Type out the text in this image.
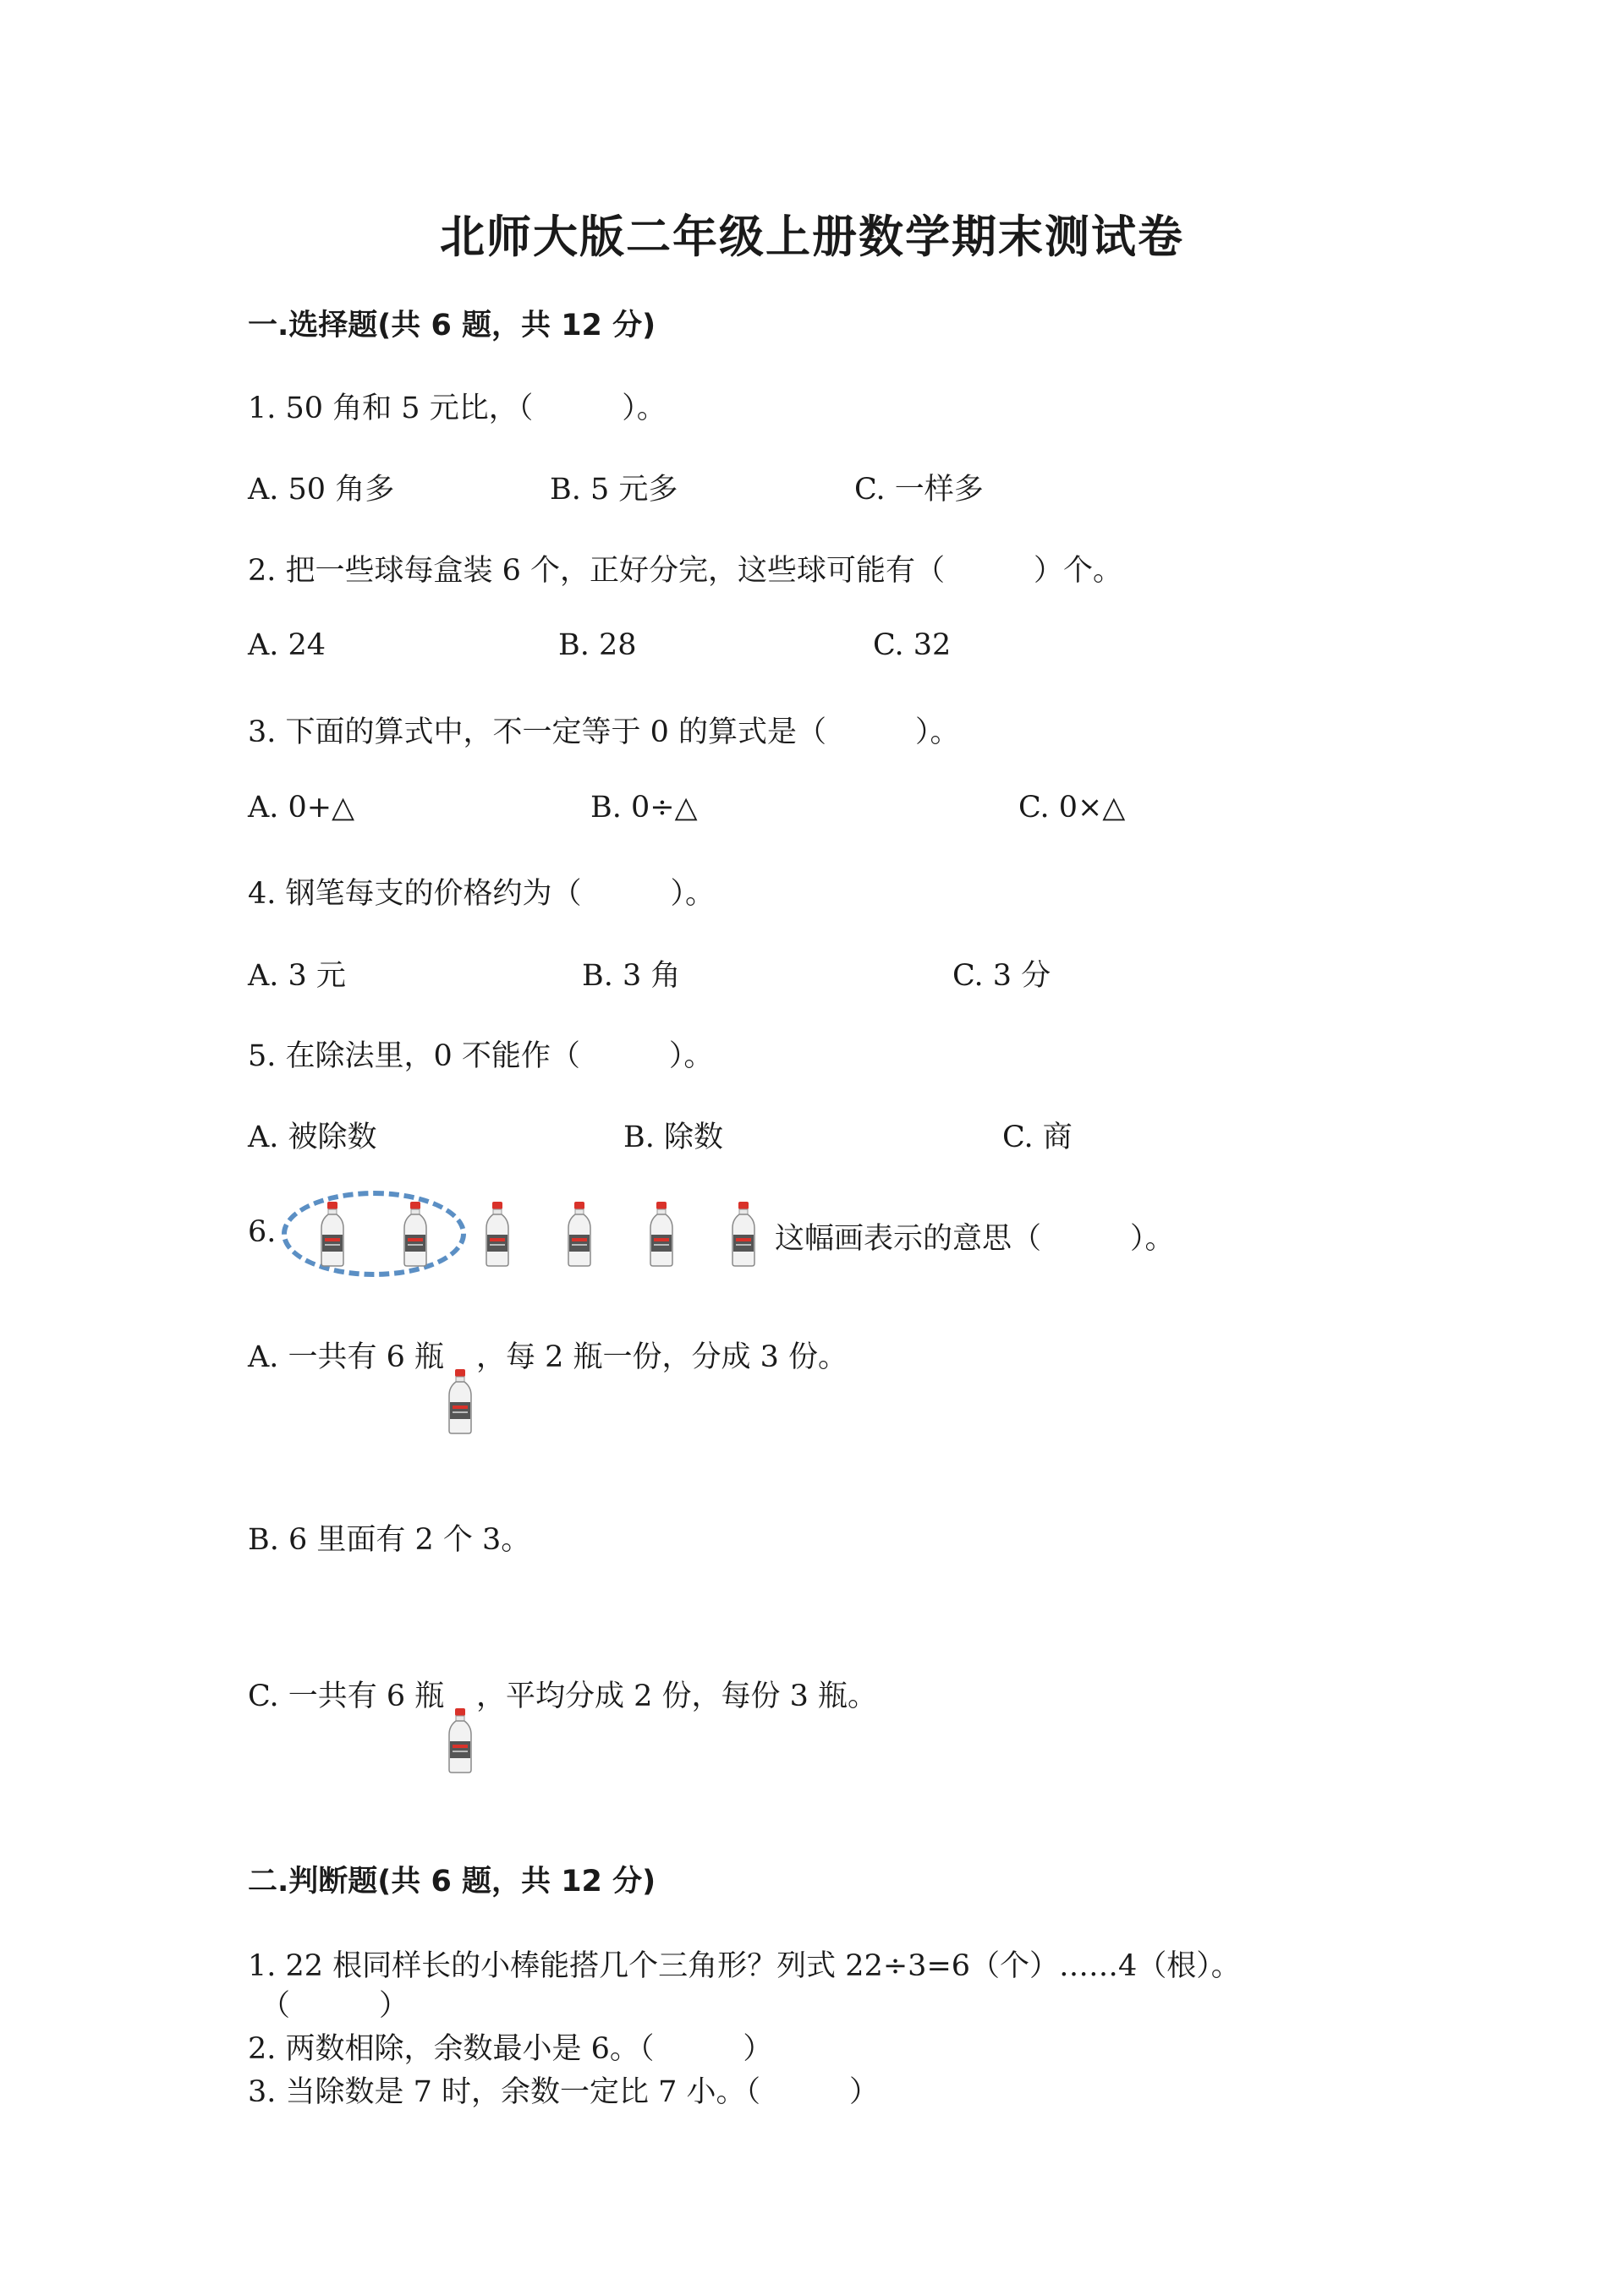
北师大版二年级上册数学期末测试卷
一.选择题(共 6 题，共 12 分)
1. 50 角和 5 元比，（　　　）。
A. 50 角多	B. 5 元多	C. 一样多
2. 把一些球每盒装 6 个，正好分完，这些球可能有（　　　）个。
A. 24	B. 28	C. 32
3. 下面的算式中，不一定等于 0 的算式是（　　　）。
A. 0+△	B. 0÷△	C. 0×△
4. 钢笔每支的价格约为（　　　）。
A. 3 元	B. 3 角	C. 3 分
5. 在除法里，0 不能作（　　　）。
A. 被除数	B. 除数	C. 商
6.	这幅画表示的意思（　　　）。
A. 一共有 6 瓶 ，每 2 瓶一份，分成 3 份。
B. 6 里面有 2 个 3。
C. 一共有 6 瓶 ，平均分成 2 份，每份 3 瓶。
二.判断题(共 6 题，共 12 分)
1. 22 根同样长的小棒能搭几个三角形？列式 22÷3=6（个）……4（根）。
（　　　）
2. 两数相除，余数最小是 6。（　　　）
3. 当除数是 7 时，余数一定比 7 小。（　　　）
